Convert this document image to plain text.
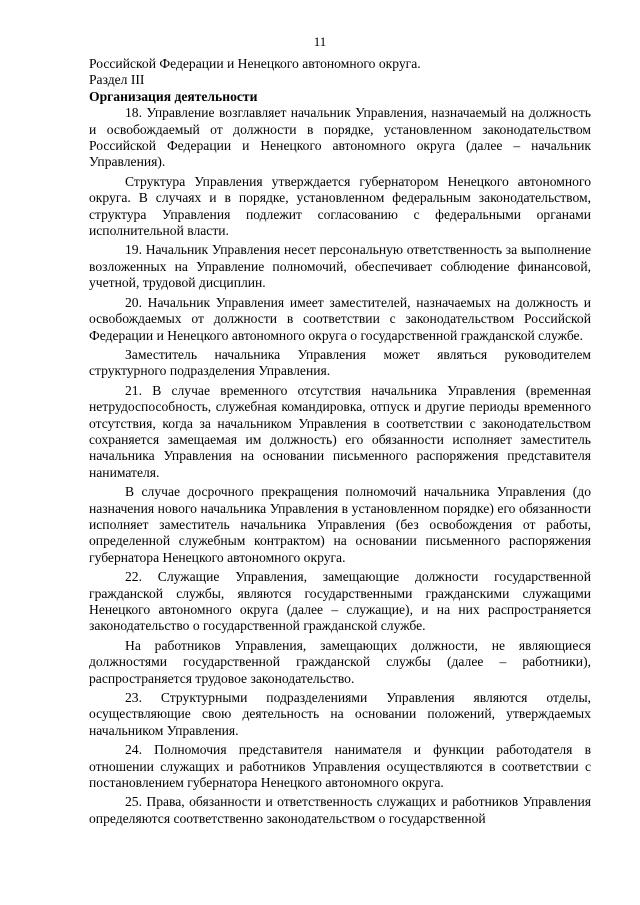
11

Российской Федерации и Ненецкого автономного округа.

Раздел III
Организация деятельности

18. Управление возглавляет начальник Управления, назначаемый на должность и освобождаемый от должности в порядке, установленном законодательством Российской Федерации и Ненецкого автономного округа (далее – начальник Управления).

Структура Управления утверждается губернатором Ненецкого автономного округа. В случаях и в порядке, установленном федеральным законодательством, структура Управления подлежит согласованию с федеральными органами исполнительной власти.

19. Начальник Управления несет персональную ответственность за выполнение возложенных на Управление полномочий, обеспечивает соблюдение финансовой, учетной, трудовой дисциплин.

20. Начальник Управления имеет заместителей, назначаемых на должность и освобождаемых от должности в соответствии с законодательством Российской Федерации и Ненецкого автономного округа о государственной гражданской службе.

Заместитель начальника Управления может являться руководителем структурного подразделения Управления.

21. В случае временного отсутствия начальника Управления (временная нетрудоспособность, служебная командировка, отпуск и другие периоды временного отсутствия, когда за начальником Управления в соответствии с законодательством сохраняется замещаемая им должность) его обязанности исполняет заместитель начальника Управления на основании письменного распоряжения представителя нанимателя.

В случае досрочного прекращения полномочий начальника Управления (до назначения нового начальника Управления в установленном порядке) его обязанности исполняет заместитель начальника Управления (без освобождения от работы, определенной служебным контрактом) на основании письменного распоряжения губернатора Ненецкого автономного округа.

22. Служащие Управления, замещающие должности государственной гражданской службы, являются государственными гражданскими служащими Ненецкого автономного округа (далее – служащие), и на них распространяется законодательство о государственной гражданской службе.

На работников Управления, замещающих должности, не являющиеся должностями государственной гражданской службы (далее – работники), распространяется трудовое законодательство.

23. Структурными подразделениями Управления являются отделы, осуществляющие свою деятельность на основании положений, утверждаемых начальником Управления.

24. Полномочия представителя нанимателя и функции работодателя в отношении служащих и работников Управления осуществляются в соответствии с постановлением губернатора Ненецкого автономного округа.

25. Права, обязанности и ответственность служащих и работников Управления определяются соответственно законодательством о государственной
